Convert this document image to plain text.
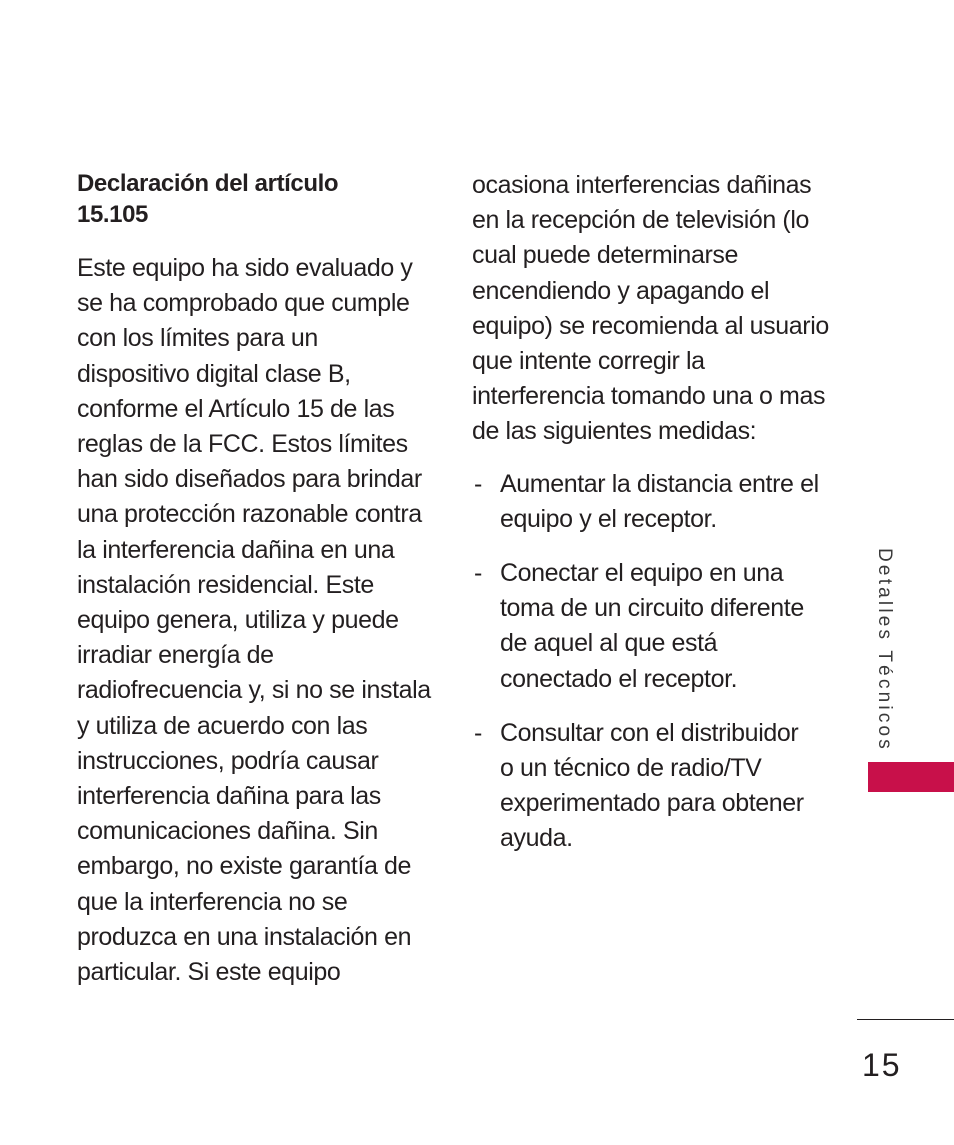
Declaración del artículo
15.105

Este equipo ha sido evaluado y
se ha comprobado que cumple
con los límites para un
dispositivo digital clase B,
conforme el Artículo 15 de las
reglas de la FCC. Estos límites
han sido diseñados para brindar
una protección razonable contra
la interferencia dañina en una
instalación residencial. Este
equipo genera, utiliza y puede
irradiar energía de
radiofrecuencia y, si no se instala
y utiliza de acuerdo con las
instrucciones, podría causar
interferencia dañina para las
comunicaciones dañina. Sin
embargo, no existe garantía de
que la interferencia no se
produzca en una instalación en
particular. Si este equipo

ocasiona interferencias dañinas
en la recepción de televisión (lo
cual puede determinarse
encendiendo y apagando el
equipo) se recomienda al usuario
que intente corregir la
interferencia tomando una o mas
de las siguientes medidas:

- Aumentar la distancia entre el
equipo y el receptor.
- Conectar el equipo en una
toma de un circuito diferente
de aquel al que está
conectado el receptor.
- Consultar con el distribuidor
o un técnico de radio/TV
experimentado para obtener
ayuda.
Detalles Técnicos
15
